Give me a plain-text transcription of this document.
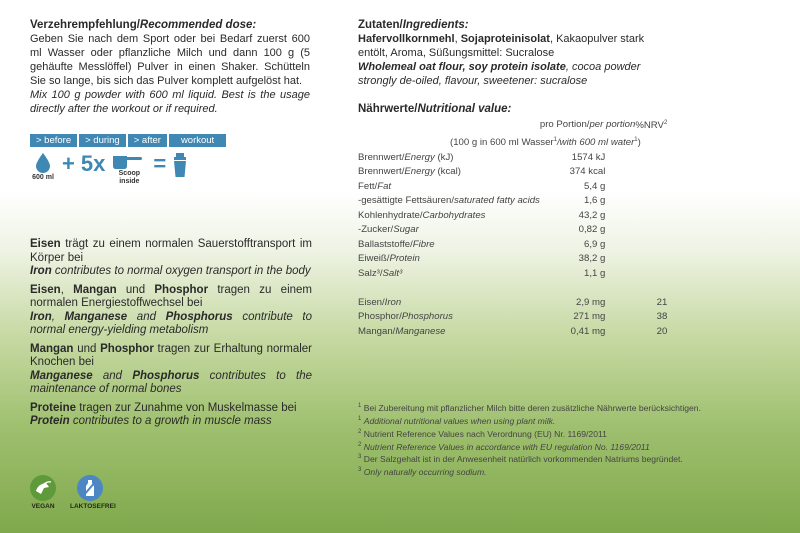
Verzehrempfehlung/Recommended dose:

Geben Sie nach dem Sport oder bei Bedarf zuerst 600 ml Wasser oder pflanzliche Milch und dann 100 g (5 gehäufte Messlöffel) Pulver in einen Shaker. Schütteln Sie so lange, bis sich das Pulver komplett aufgelöst hat.

Mix 100 g powder with 600 ml liquid. Best is the usage directly after the workout or if required.

> before	> during	> after	workout
600 ml
+ 5x	Scoop inside
=

Eisen trägt zu einem normalen Sauerstofftransport im Körper bei
Iron contributes to normal oxygen transport in the body

Eisen, Mangan und Phosphor tragen zu einem normalen Energiestoffwechsel bei
Iron, Manganese and Phosphorus contribute to normal energy-yielding metabolism

Mangan und Phosphor tragen zur Erhaltung normaler Knochen bei
Manganese and Phosphorus contributes to the maintenance of normal bones

Proteine tragen zur Zunahme von Muskelmasse bei
Protein contributes to a growth in muscle mass

Zutaten/Ingredients:
Hafervollkornmehl, Sojaproteinisolat, Kakaopulver stark entölt, Aroma, Süßungsmittel: Sucralose
Wholemeal oat flour, soy protein isolate, cocoa powder strongly de-oiled, flavour, sweetener: sucralose
Nährwerte/Nutritional value:
	pro Portion/per portion	%NRV$^2$
(100 g in 600 ml Wasser$^1$/with 600 ml water$^1$)		
Brennwert/Energy (kJ)	1574 kJ	
Brennwert/Energy (kcal)	374 kcal	
Fett/Fat	5,4 g	
-gesättigte Fettsäuren/saturated fatty acids	1,6 g	
Kohlenhydrate/Carbohydrates	43,2 g	
-Zucker/Sugar	0,82 g	
Ballaststoffe/Fibre	6,9 g	
Eiweiß/Protein	38,2 g	
Salz³/Salt³	1,1 g	

Eisen/Iron	2,9 mg	21
Phosphor/Phosphorus	271 mg	38
Mangan/Manganese	0,41 mg	20
$^1$ Bei Zubereitung mit pflanzlicher Milch bitte deren zusätzliche Nährwerte berücksichtigen.
$^1$ Additional nutritional values when using plant milk.
$^2$ Nutrient Reference Values nach Verordnung (EU) Nr. 1169/2011
$^2$ Nutrient Reference Values in accordance with EU regulation No. 1169/2011
$^3$ Der Salzgehalt ist in der Anwesenheit natürlich vorkommenden Natriums begründet.
$^3$ Only naturally occurring sodium.
VEGAN	LAKTOSEFREI
